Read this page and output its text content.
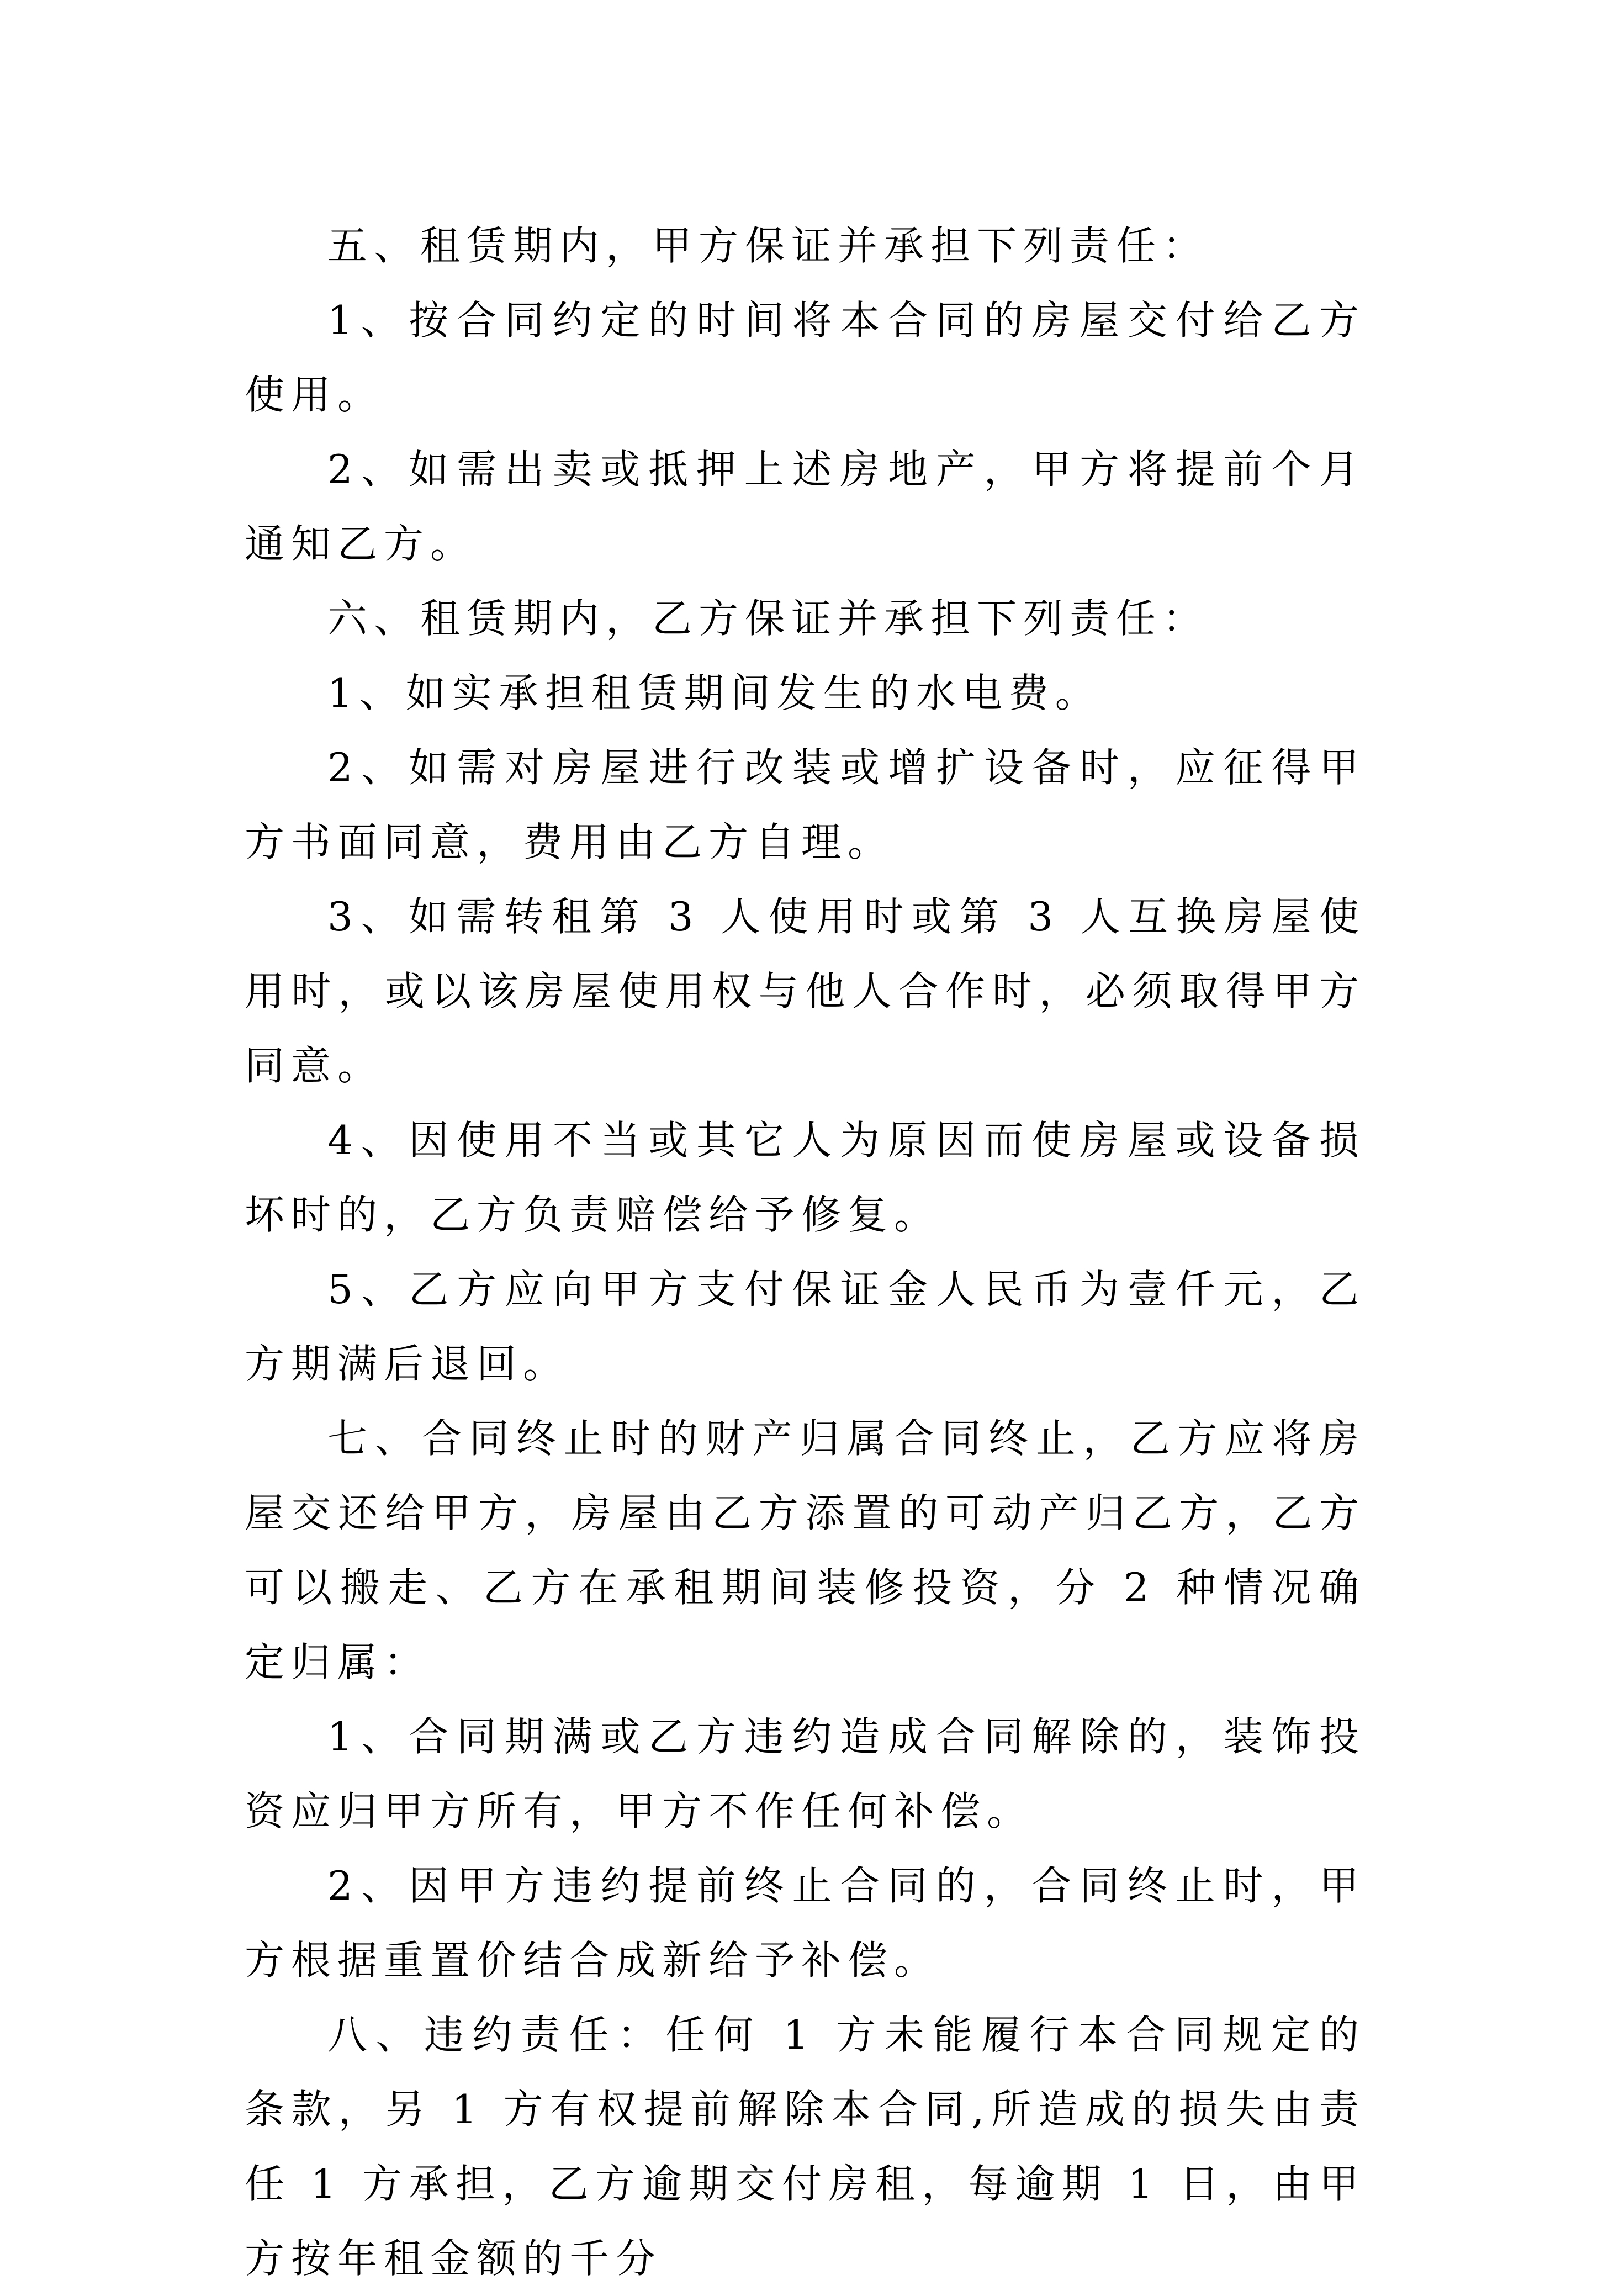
五、租赁期内，甲方保证并承担下列责任：

1、按合同约定的时间将本合同的房屋交付给乙方使用。

2、如需出卖或抵押上述房地产，甲方将提前个月通知乙方。

六、租赁期内，乙方保证并承担下列责任：

1、如实承担租赁期间发生的水电费。

2、如需对房屋进行改装或增扩设备时，应征得甲方书面同意，费用由乙方自理。

3、如需转租第 3 人使用时或第 3 人互换房屋使用时，或以该房屋使用权与他人合作时，必须取得甲方同意。

4、因使用不当或其它人为原因而使房屋或设备损坏时的，乙方负责赔偿给予修复。

5、乙方应向甲方支付保证金人民币为壹仟元，乙方期满后退回。

七、合同终止时的财产归属合同终止，乙方应将房屋交还给甲方，房屋由乙方添置的可动产归乙方，乙方可以搬走、乙方在承租期间装修投资，分 2 种情况确定归属：

1、合同期满或乙方违约造成合同解除的，装饰投资应归甲方所有，甲方不作任何补偿。

2、因甲方违约提前终止合同的，合同终止时，甲方根据重置价结合成新给予补偿。

八、违约责任：任何 1 方未能履行本合同规定的条款，另 1 方有权提前解除本合同,所造成的损失由责任 1 方承担，乙方逾期交付房租，每逾期 1 日，由甲方按年租金额的千分
